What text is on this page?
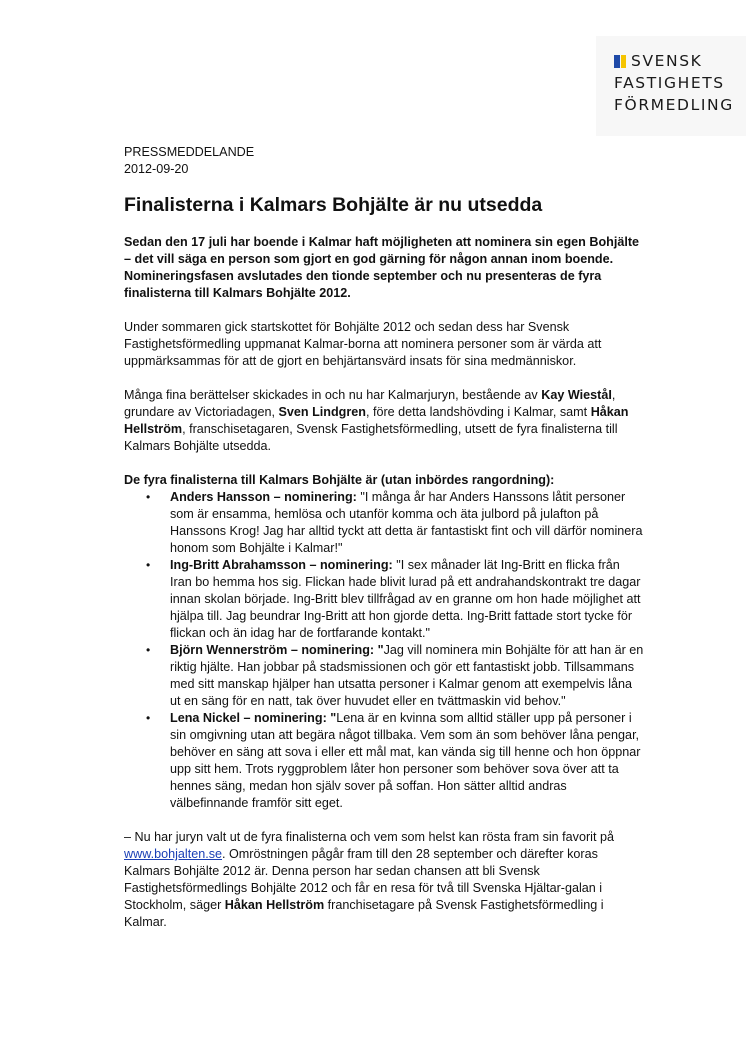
SVENSK
FASTIGHETS
FÖRMEDLING

PRESSMEDDELANDE

2012-09-20

Finalisterna i Kalmars Bohjälte är nu utsedda

Sedan den 17 juli har boende i Kalmar haft möjligheten att nominera sin egen Bohjälte – det vill säga en person som gjort en god gärning för någon annan inom boende. Nomineringsfasen avslutades den tionde september och nu presenteras de fyra finalisterna till Kalmars Bohjälte 2012.

Under sommaren gick startskottet för Bohjälte 2012 och sedan dess har Svensk Fastighetsförmedling uppmanat Kalmar-borna att nominera personer som är värda att uppmärksammas för att de gjort en behjärtansvärd insats för sina medmänniskor.

Många fina berättelser skickades in och nu har Kalmarjuryn, bestående av Kay WieståI, grundare av Victoriadagen, Sven Lindgren, före detta landshövding i Kalmar, samt Håkan Hellström, franschisetagaren, Svensk Fastighetsförmedling, utsett de fyra finalisterna till Kalmars Bohjälte utsedda.

De fyra finalisterna till Kalmars Bohjälte är (utan inbördes rangordning):

• Anders Hansson – nominering: "I många år har Anders Hanssons låtit personer som är ensamma, hemlösa och utanför komma och äta julbord på julafton på Hanssons Krog! Jag har alltid tyckt att detta är fantastiskt fint och vill därför nominera honom som Bohjälte i Kalmar!"
• Ing-Britt Abrahamsson – nominering: "I sex månader lät Ing-Britt en flicka från Iran bo hemma hos sig. Flickan hade blivit lurad på ett andrahandskontrakt tre dagar innan skolan började. Ing-Britt blev tillfrågad av en granne om hon hade möjlighet att hjälpa till. Jag beundrar Ing-Britt att hon gjorde detta. Ing-Britt fattade stort tycke för flickan och än idag har de fortfarande kontakt."
• Björn Wennerström – nominering: "Jag vill nominera min Bohjälte för att han är en riktig hjälte. Han jobbar på stadsmissionen och gör ett fantastiskt jobb. Tillsammans med sitt manskap hjälper han utsatta personer i Kalmar genom att exempelvis låna ut en säng för en natt, tak över huvudet eller en tvättmaskin vid behov."
• Lena Nickel – nominering: "Lena är en kvinna som alltid ställer upp på personer i sin omgivning utan att begära något tillbaka. Vem som än som behöver låna pengar, behöver en säng att sova i eller ett mål mat, kan vända sig till henne och hon öppnar upp sitt hem. Trots ryggproblem låter hon personer som behöver sova över att ta hennes säng, medan hon själv sover på soffan. Hon sätter alltid andras välbefinnande framför sitt eget.

– Nu har juryn valt ut de fyra finalisterna och vem som helst kan rösta fram sin favorit på www.bohjalten.se. Omröstningen pågår fram till den 28 september och därefter koras Kalmars Bohjälte 2012 är. Denna person har sedan chansen att bli Svensk Fastighetsförmedlings Bohjälte 2012 och får en resa för två till Svenska Hjältar-galan i Stockholm, säger Håkan Hellström franchisetagare på Svensk Fastighetsförmedling i Kalmar.
